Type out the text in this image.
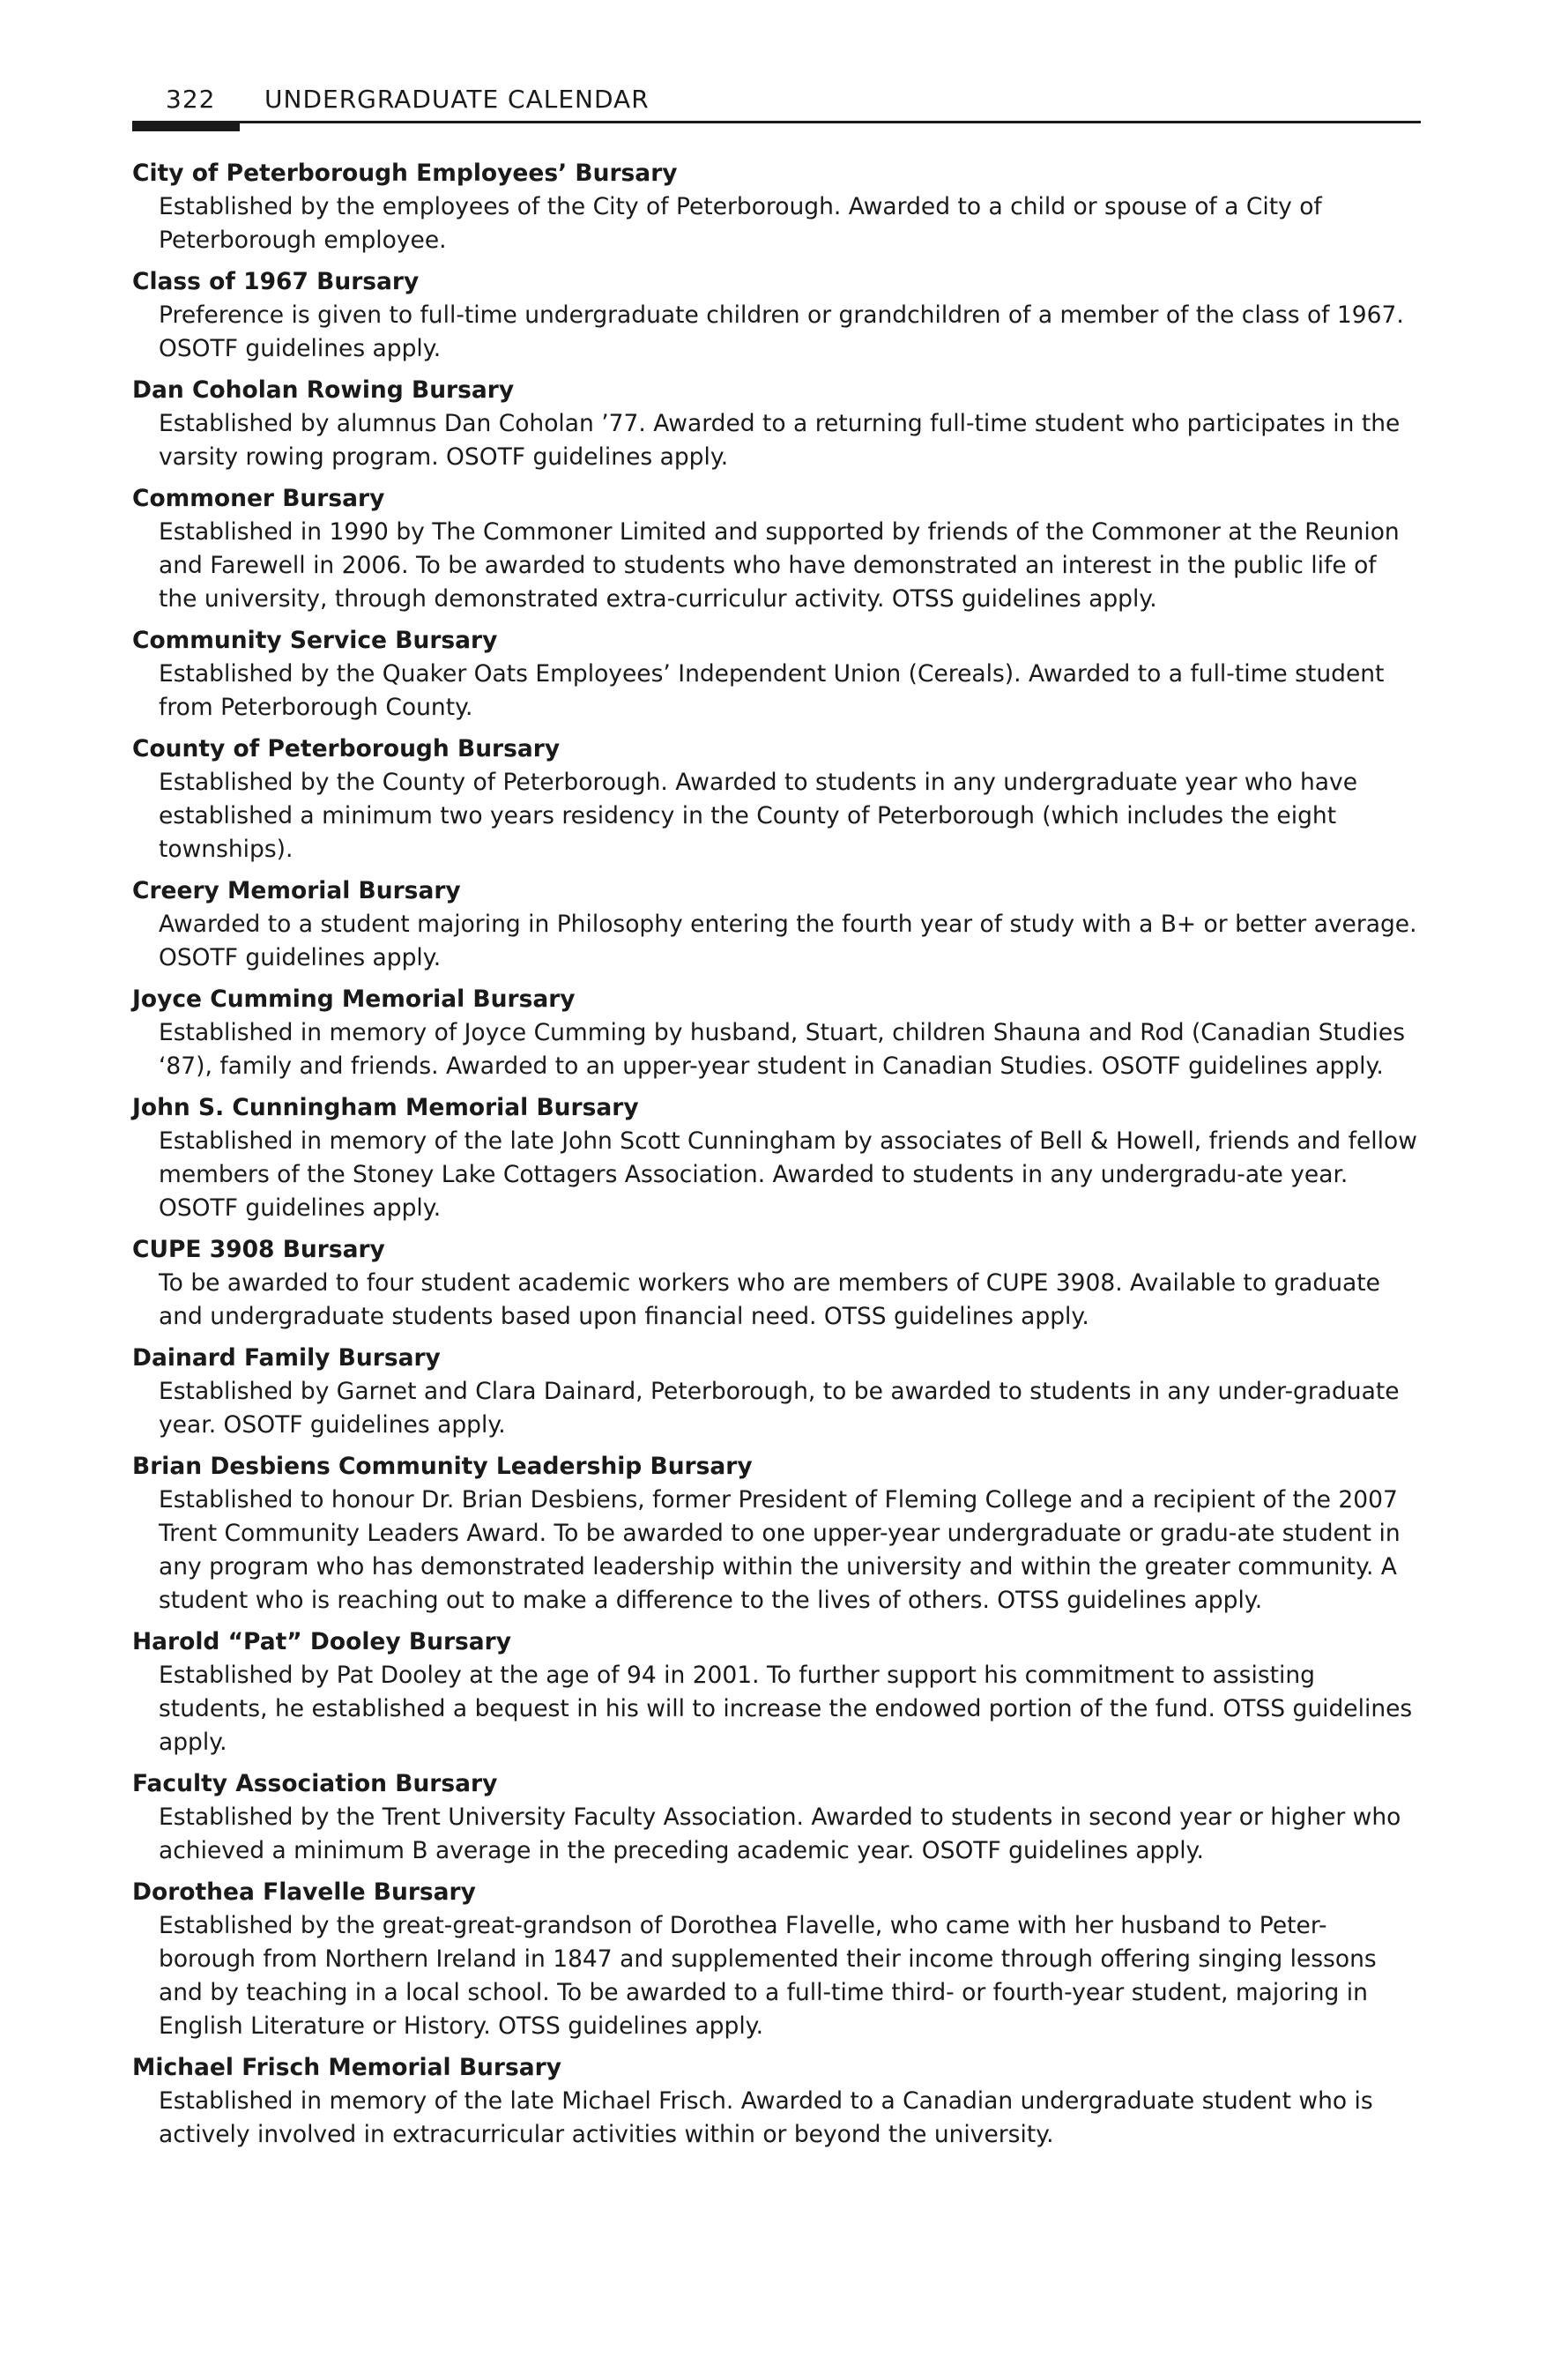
322 UNDERGRADUATE CALENDAR
City of Peterborough Employees’ Bursary
Established by the employees of the City of Peterborough. Awarded to a child or spouse of a City of Peterborough employee.
Class of 1967 Bursary
Preference is given to full-time undergraduate children or grandchildren of a member of the class of 1967. OSOTF guidelines apply.
Dan Coholan Rowing Bursary
Established by alumnus Dan Coholan ’77. Awarded to a returning full-time student who participates in the varsity rowing program. OSOTF guidelines apply.
Commoner Bursary
Established in 1990 by The Commoner Limited and supported by friends of the Commoner at the Reunion and Farewell in 2006. To be awarded to students who have demonstrated an interest in the public life of the university, through demonstrated extra-curriculur activity. OTSS guidelines apply.
Community Service Bursary
Established by the Quaker Oats Employees’ Independent Union (Cereals). Awarded to a full-time student from Peterborough County.
County of Peterborough Bursary
Established by the County of Peterborough. Awarded to students in any undergraduate year who have established a minimum two years residency in the County of Peterborough (which includes the eight townships).
Creery Memorial Bursary
Awarded to a student majoring in Philosophy entering the fourth year of study with a B+ or better average. OSOTF guidelines apply.
Joyce Cumming Memorial Bursary
Established in memory of Joyce Cumming by husband, Stuart, children Shauna and Rod (Canadian Studies ‘87), family and friends. Awarded to an upper-year student in Canadian Studies. OSOTF guidelines apply.
John S. Cunningham Memorial Bursary
Established in memory of the late John Scott Cunningham by associates of Bell & Howell, friends and fellow members of the Stoney Lake Cottagers Association. Awarded to students in any undergradu-ate year. OSOTF guidelines apply.
CUPE 3908 Bursary
To be awarded to four student academic workers who are members of CUPE 3908. Available to graduate and undergraduate students based upon financial need. OTSS guidelines apply.
Dainard Family Bursary
Established by Garnet and Clara Dainard, Peterborough, to be awarded to students in any under-graduate year. OSOTF guidelines apply.
Brian Desbiens Community Leadership Bursary
Established to honour Dr. Brian Desbiens, former President of Fleming College and a recipient of the 2007 Trent Community Leaders Award. To be awarded to one upper-year undergraduate or gradu-ate student in any program who has demonstrated leadership within the university and within the greater community. A student who is reaching out to make a difference to the lives of others. OTSS guidelines apply.
Harold “Pat” Dooley Bursary
Established by Pat Dooley at the age of 94 in 2001. To further support his commitment to assisting students, he established a bequest in his will to increase the endowed portion of the fund. OTSS guidelines apply.
Faculty Association Bursary
Established by the Trent University Faculty Association. Awarded to students in second year or higher who achieved a minimum B average in the preceding academic year. OSOTF guidelines apply.
Dorothea Flavelle Bursary
Established by the great-great-grandson of Dorothea Flavelle, who came with her husband to Peter-borough from Northern Ireland in 1847 and supplemented their income through offering singing lessons and by teaching in a local school. To be awarded to a full-time third- or fourth-year student, majoring in English Literature or History. OTSS guidelines apply.
Michael Frisch Memorial Bursary
Established in memory of the late Michael Frisch. Awarded to a Canadian undergraduate student who is actively involved in extracurricular activities within or beyond the university.
